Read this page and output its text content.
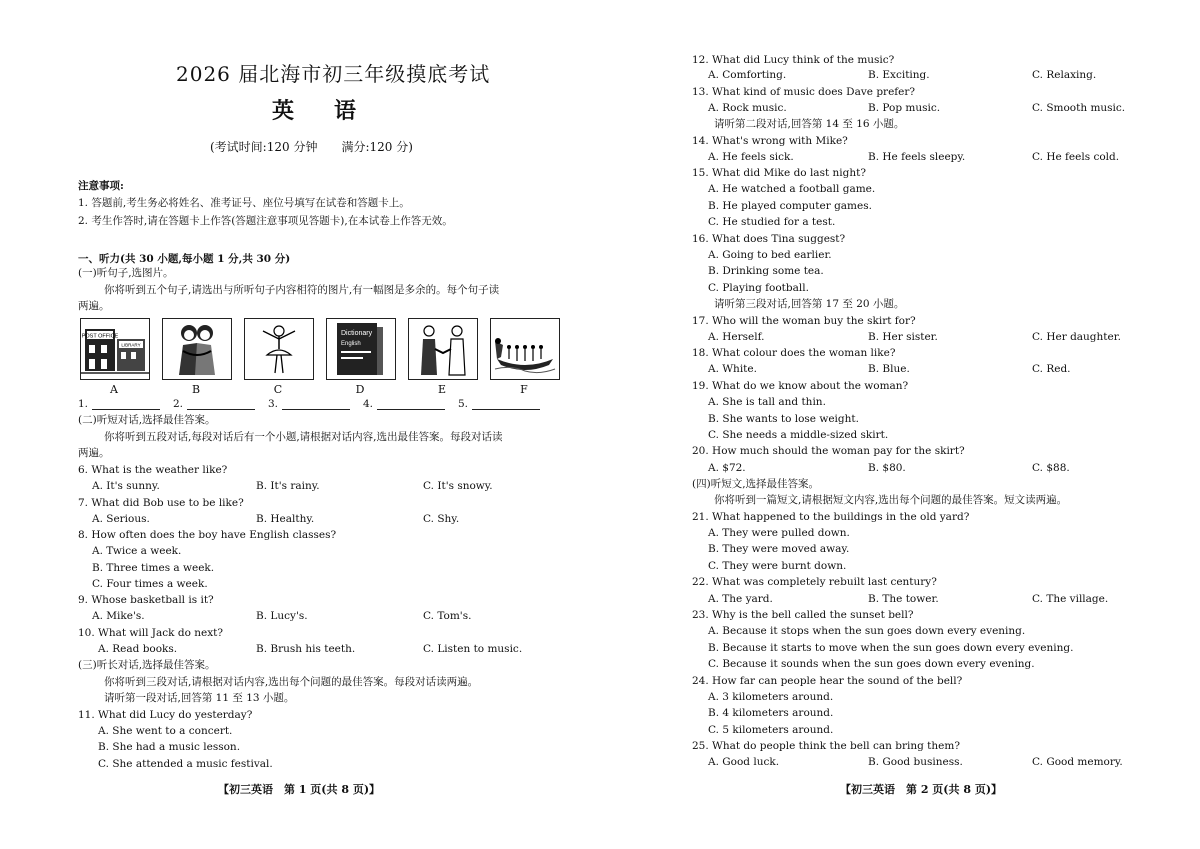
2026 届北海市初三年级摸底考试
英语
(考试时间:120 分钟　　满分:120 分)
注意事项:
1. 答题前,考生务必将姓名、准考证号、座位号填写在试卷和答题卡上。
2. 考生作答时,请在答题卡上作答(答题注意事项见答题卡),在本试卷上作答无效。
一、听力(共 30 小题,每小题 1 分,共 30 分)
(一)听句子,选图片。
你将听到五个句子,请选出与所听句子内容相符的图片,有一幅图是多余的。每个句子读
两遍。
POST OFFICE
LIBRARY
Dictionary
English
A	B	C	D	E	F
1.	2.	3.	4.	5.
(二)听短对话,选择最佳答案。
你将听到五段对话,每段对话后有一个小题,请根据对话内容,选出最佳答案。每段对话读
两遍。
6. What is the weather like?
A. It's sunny.	B. It's rainy.	C. It's snowy.
7. What did Bob use to be like?
A. Serious.	B. Healthy.	C. Shy.
8. How often does the boy have English classes?
A. Twice a week.
B. Three times a week.
C. Four times a week.
9. Whose basketball is it?
A. Mike's.	B. Lucy's.	C. Tom's.
10. What will Jack do next?
A. Read books.	B. Brush his teeth.	C. Listen to music.
(三)听长对话,选择最佳答案。
你将听到三段对话,请根据对话内容,选出每个问题的最佳答案。每段对话读两遍。
请听第一段对话,回答第 11 至 13 小题。
11. What did Lucy do yesterday?
A. She went to a concert.
B. She had a music lesson.
C. She attended a music festival.
【初三英语　第 1 页(共 8 页)】
12. What did Lucy think of the music?
A. Comforting.	B. Exciting.	C. Relaxing.
13. What kind of music does Dave prefer?
A. Rock music.	B. Pop music.	C. Smooth music.
请听第二段对话,回答第 14 至 16 小题。
14. What's wrong with Mike?
A. He feels sick.	B. He feels sleepy.	C. He feels cold.
15. What did Mike do last night?
A. He watched a football game.
B. He played computer games.
C. He studied for a test.
16. What does Tina suggest?
A. Going to bed earlier.
B. Drinking some tea.
C. Playing football.
请听第三段对话,回答第 17 至 20 小题。
17. Who will the woman buy the skirt for?
A. Herself.	B. Her sister.	C. Her daughter.
18. What colour does the woman like?
A. White.	B. Blue.	C. Red.
19. What do we know about the woman?
A. She is tall and thin.
B. She wants to lose weight.
C. She needs a middle-sized skirt.
20. How much should the woman pay for the skirt?
A. $72.	B. $80.	C. $88.
(四)听短文,选择最佳答案。
你将听到一篇短文,请根据短文内容,选出每个问题的最佳答案。短文读两遍。
21. What happened to the buildings in the old yard?
A. They were pulled down.
B. They were moved away.
C. They were burnt down.
22. What was completely rebuilt last century?
A. The yard.	B. The tower.	C. The village.
23. Why is the bell called the sunset bell?
A. Because it stops when the sun goes down every evening.
B. Because it starts to move when the sun goes down every evening.
C. Because it sounds when the sun goes down every evening.
24. How far can people hear the sound of the bell?
A. 3 kilometers around.
B. 4 kilometers around.
C. 5 kilometers around.
25. What do people think the bell can bring them?
A. Good luck.	B. Good business.	C. Good memory.
【初三英语　第 2 页(共 8 页)】
